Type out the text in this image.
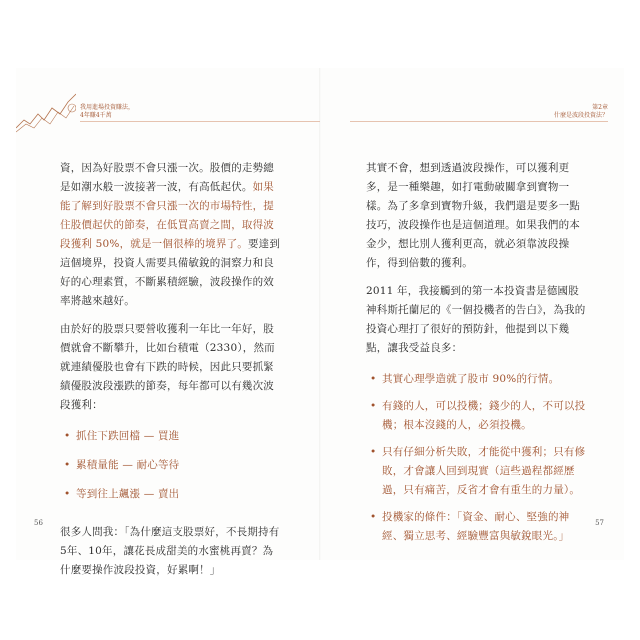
我用進場投資賺法，
4年賺4千萬
第2章
什麼是波段投資法？

資，因為好股票不會只漲一次。股價的走勢總是如潮水般一波接著一波，有高低起伏。如果能了解到好股票不會只漲一次的市場特性，提住股價起伏的節奏，在低買高賣之間，取得波段獲利 50%，就是一個很棒的境界了。要達到這個境界，投資人需要具備敏銳的洞察力和良好的心理素質，不斷累積經驗，波段操作的效率將越來越好。

由於好的股票只要營收獲利一年比一年好，股價就會不斷攀升，比如台積電（2330），然而就連績優股也會有下跌的時候，因此只要抓緊績優股波段漲跌的節奏，每年都可以有幾次波段獲利：

• 抓住下跌回檔 — 買進
• 累積量能 — 耐心等待
• 等到往上飆漲 — 賣出

很多人問我：「為什麼這支股票好，不長期持有5年、10年，讓花長成甜美的水蜜桃再賣？為什麼要操作波段投資，好累啊！」

其實不會，想到透過波段操作，可以獲利更多，是一種樂趣，如打電動破關拿到寶物一樣。為了多拿到寶物升級，我們還是要多一點技巧，波段操作也是這個道理。如果我們的本金少，想比別人獲利更高，就必須靠波段操作，得到倍數的獲利。

2011 年，我接觸到的第一本投資書是德國股神科斯托蘭尼的《一個投機者的告白》，為我的投資心理打了很好的預防針，他提到以下幾點，讓我受益良多：

• 其實心理學造就了股市 90%的行情。
• 有錢的人，可以投機；錢少的人，不可以投機；根本沒錢的人，必須投機。
• 只有仔細分析失敗，才能從中獲利；只有修敗，才會讓人回到現實（這些過程都經歷過，只有痛苦，反省才會有重生的力量）。
• 投機家的條件：「資金、耐心、堅強的神經、獨立思考、經驗豐富與敏銳眼光。」
56	57
